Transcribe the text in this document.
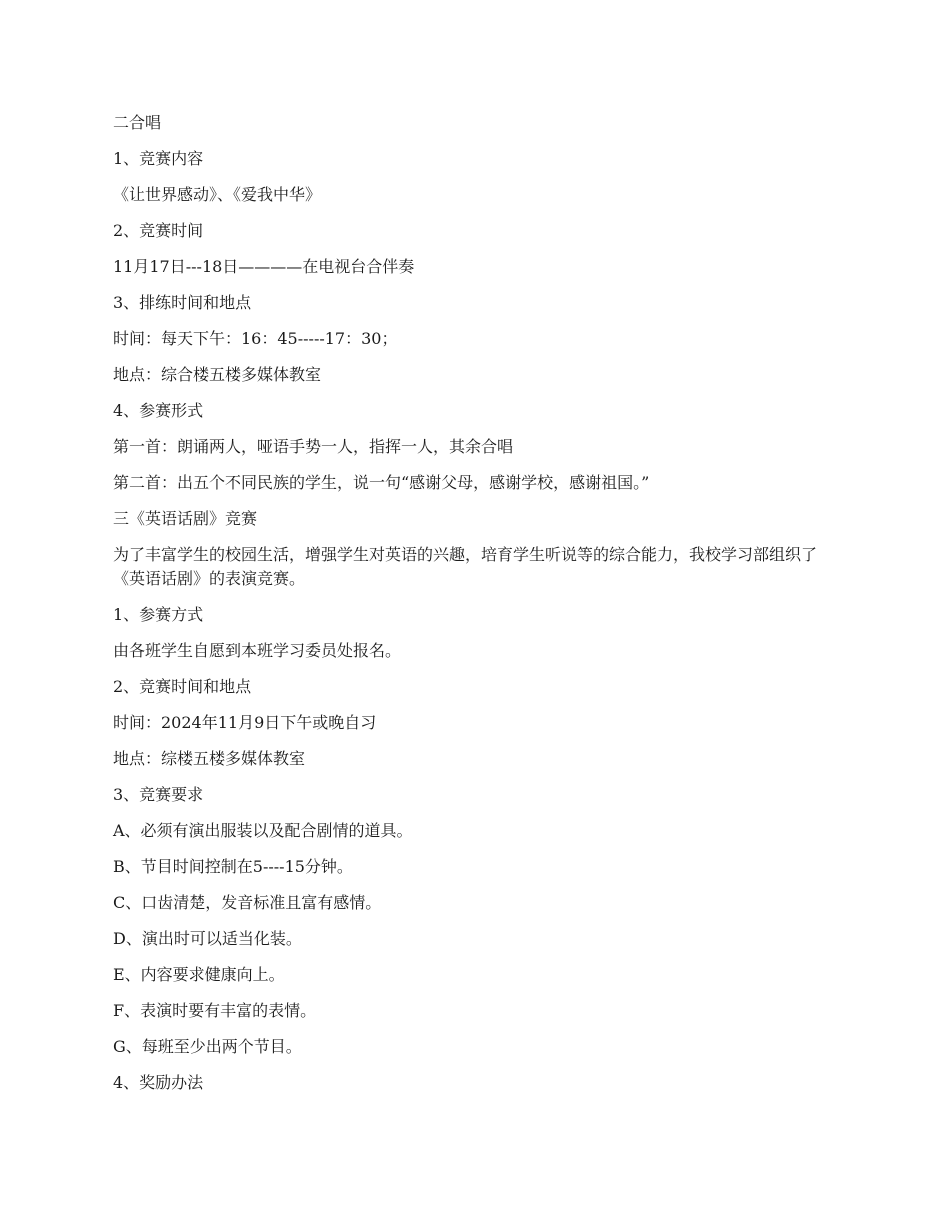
二合唱
1、竞赛内容
《让世界感动》、《爱我中华》
2、竞赛时间
11月17日---18日————在电视台合伴奏
3、排练时间和地点
时间：每天下午：16：45-----17：30；
地点：综合楼五楼多媒体教室
4、参赛形式
第一首：朗诵两人，哑语手势一人，指挥一人，其余合唱
第二首：出五个不同民族的学生，说一句“感谢父母，感谢学校，感谢祖国。”
三《英语话剧》竞赛
为了丰富学生的校园生活，增强学生对英语的兴趣，培育学生听说等的综合能力，我校学习部组织了《英语话剧》的表演竞赛。
1、参赛方式
由各班学生自愿到本班学习委员处报名。
2、竞赛时间和地点
时间：2024年11月9日下午或晚自习
地点：综楼五楼多媒体教室
3、竞赛要求
A、必须有演出服装以及配合剧情的道具。
B、节目时间控制在5----15分钟。
C、口齿清楚，发音标准且富有感情。
D、演出时可以适当化装。
E、内容要求健康向上。
F、表演时要有丰富的表情。
G、每班至少出两个节目。
4、奖励办法
